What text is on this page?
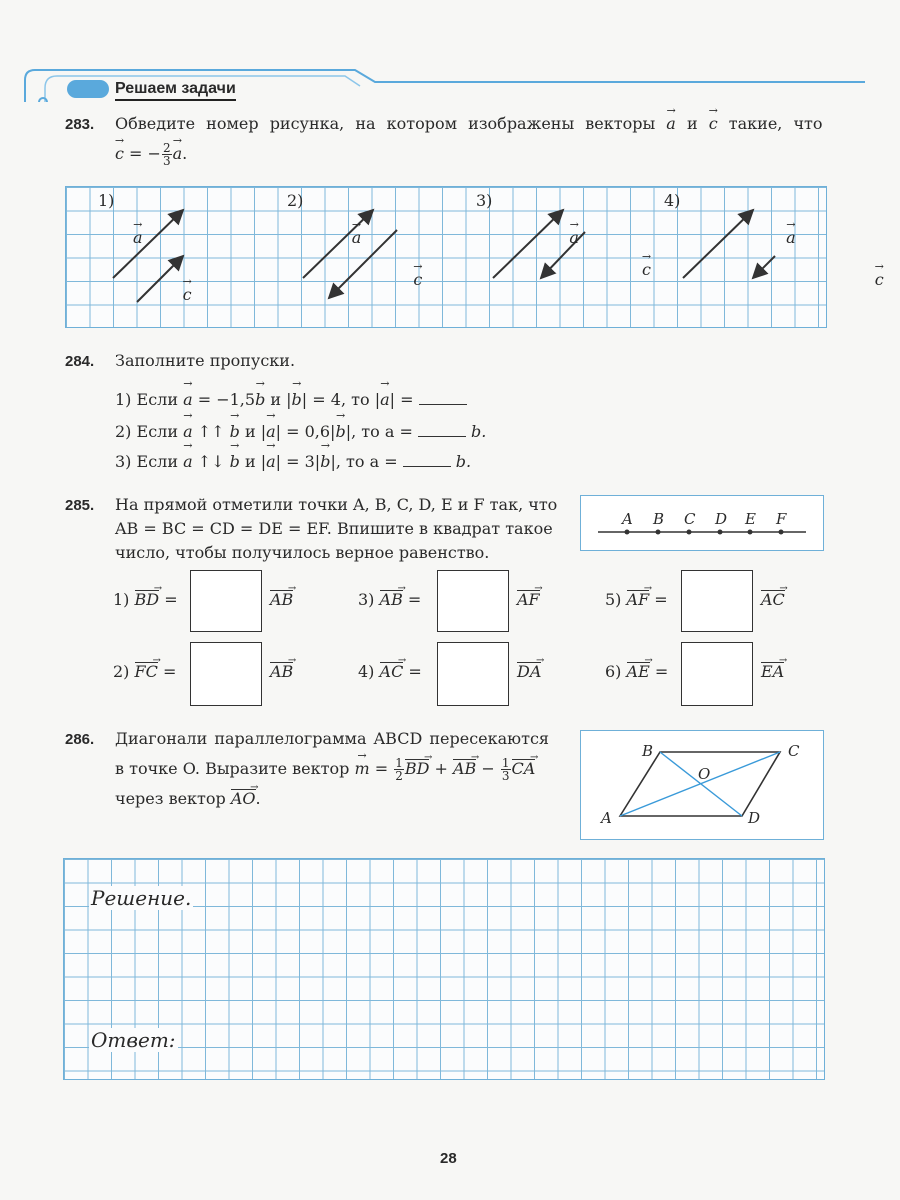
Решаем задачи
283. Обведите номер рисунка, на котором изображены векторы → a и → c такие, что
→ c = − $\frac{2}{3}$
→ a.
1)	2)	3)	4)
→ a → c → a → c → a → c → a → c
284. Заполните пропуски.
1) Если → a = −1,5→ b и |→ b| = 4, то |→ a| =
2) Если → a ↑↑ → b и |→ a| = 0,6|→ b|, то a =	b.
3) Если → a ↑↓ → b и |→ a| = 3|→ b|, то a =	b.
285. На прямой отметили точки A, B, C, D, E и F так, что
AB = BC = CD = DE = EF. Впишите в квадрат такое
число, чтобы получилось верное равенство.
A B C D E F
1) BD → =	AB →	3) AB → =	AF →	5) AF → =	AC →
2) FC → =	AB →	4) AC → =	DA →	6) AE → =	EA →
286. Диагонали параллелограмма ABCD пересекаются
в точке O. Выразите вектор → $m = \frac{1}{2}$ BD → + AB → − $\frac{1}{3}$ CA →
через вектор AO →.
B	C
O
A	D
Решение.
Ответ:
28
